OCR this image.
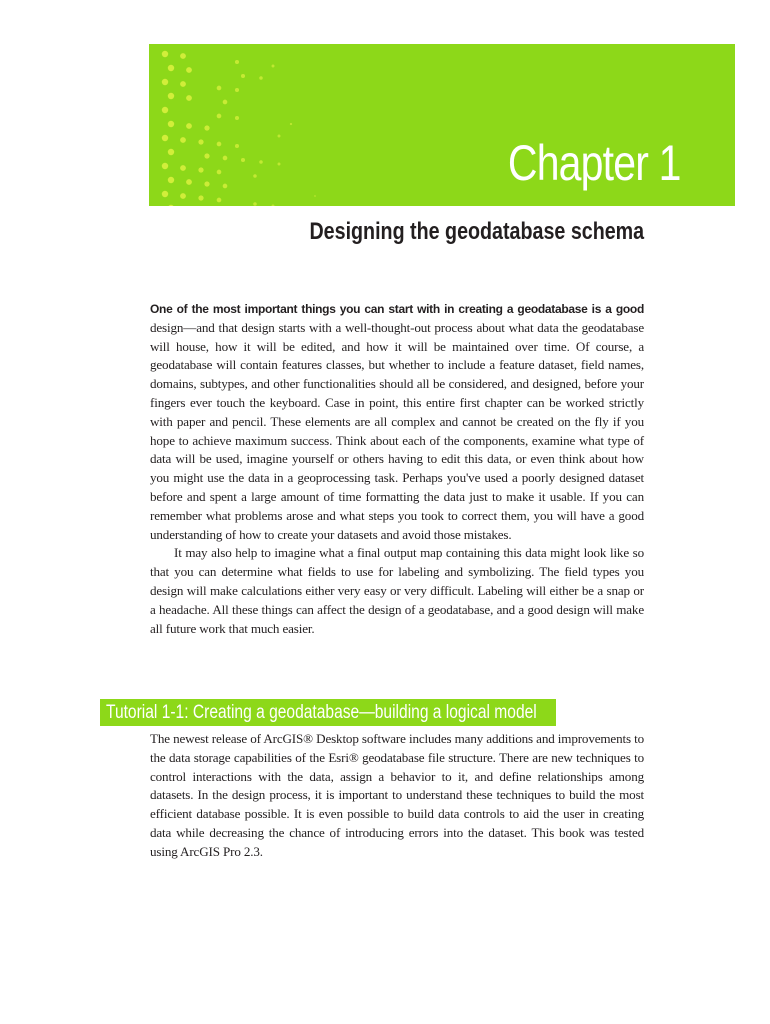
Chapter 1
Designing the geodatabase schema

One of the most important things you can start with in creating a geodatabase is a good design—and that design starts with a well-thought-out process about what data the geodatabase will house, how it will be edited, and how it will be maintained over time. Of course, a geodatabase will contain features classes, but whether to include a feature dataset, field names, domains, subtypes, and other functionalities should all be considered, and designed, before your fingers ever touch the keyboard. Case in point, this entire first chapter can be worked strictly with paper and pencil. These elements are all complex and cannot be created on the fly if you hope to achieve maximum success. Think about each of the components, examine what type of data will be used, imagine yourself or others having to edit this data, or even think about how you might use the data in a geoprocessing task. Perhaps you've used a poorly designed dataset before and spent a large amount of time formatting the data just to make it usable. If you can remember what problems arose and what steps you took to correct them, you will have a good understanding of how to create your datasets and avoid those mistakes.

It may also help to imagine what a final output map containing this data might look like so that you can determine what fields to use for labeling and symbolizing. The field types you design will make calculations either very easy or very difficult. Labeling will either be a snap or a headache. All these things can affect the design of a geodatabase, and a good design will make all future work that much easier.

Tutorial 1-1: Creating a geodatabase—building a logical model

The newest release of ArcGIS® Desktop software includes many additions and improvements to the data storage capabilities of the Esri® geodatabase file structure. There are new techniques to control interactions with the data, assign a behavior to it, and define relationships among datasets. In the design process, it is important to understand these techniques to build the most efficient database possible. It is even possible to build data controls to aid the user in creating data while decreasing the chance of introducing errors into the dataset. This book was tested using ArcGIS Pro 2.3.
